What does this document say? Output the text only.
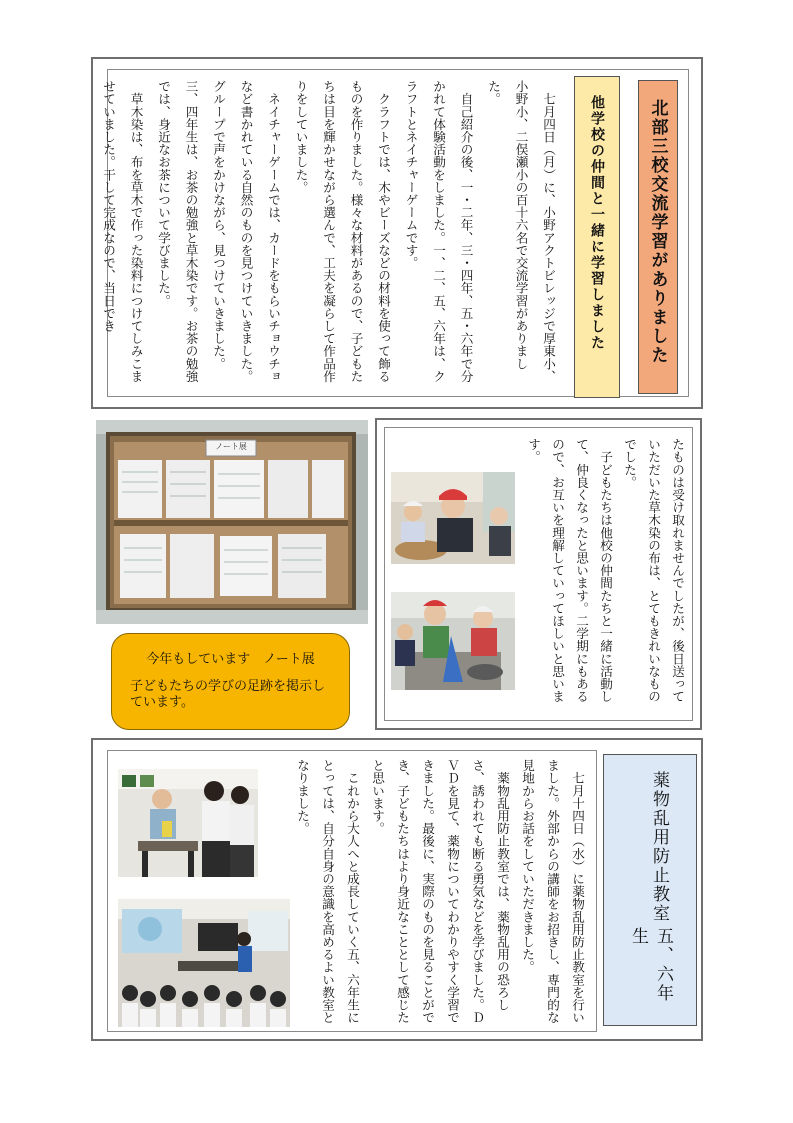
北部三校交流学習がありました
他学校の仲間と一緒に学習しました
　七月四日（月）に、小野アクトビレッジで厚東小、小野小、二俣瀬小の百十六名で交流学習がありました。
　自己紹介の後、一・二年、三・四年、五・六年で分かれて体験活動をしました。一、二、五、六年は、クラフトとネイチャーゲームです。
　クラフトでは、木やビーズなどの材料を使って飾るものを作りました。様々な材料があるので、子どもたちは目を輝かせながら選んで、工夫を凝らして作品作りをしていました。
　ネイチャーゲームでは、カードをもらいチョウチョなど書かれている自然のものを見つけていきました。グループで声をかけながら、見つけていきました。
三、四年生は、お茶の勉強と草木染です。お茶の勉強では、身近なお茶について学びました。
　草木染は、布を草木で作った染料につけてしみこませていました。干して完成なので、当日でき
ノート展
今年もしています　ノート展
子どもたちの学びの足跡を掲示しています。	たものは受け取れませんでしたが、後日送っていただいた草木染の布は、とてもきれいなものでした。
　子どもたちは他校の仲間たちと一緒に活動して、仲良くなったと思います。二学期にもあるので、お互いを理解していってほしいと思います。
　七月十四日（水）に薬物乱用防止教室を行いました。外部からの講師をお招きし、専門的な見地からお話をしていただきました。
　薬物乱用防止教室では、薬物乱用の恐ろしさ、誘われても断る勇気などを学びました。ＤＶＤを見て、薬物についてわかりやすく学習できました。最後に、実際のものを見ることができ、子どもたちはより身近なこととして感じたと思います。
　これから大人へと成長していく五、六年生にとっては、自分自身の意識を高めるよい教室となりました。	薬物乱用防止教室
五、六年生
